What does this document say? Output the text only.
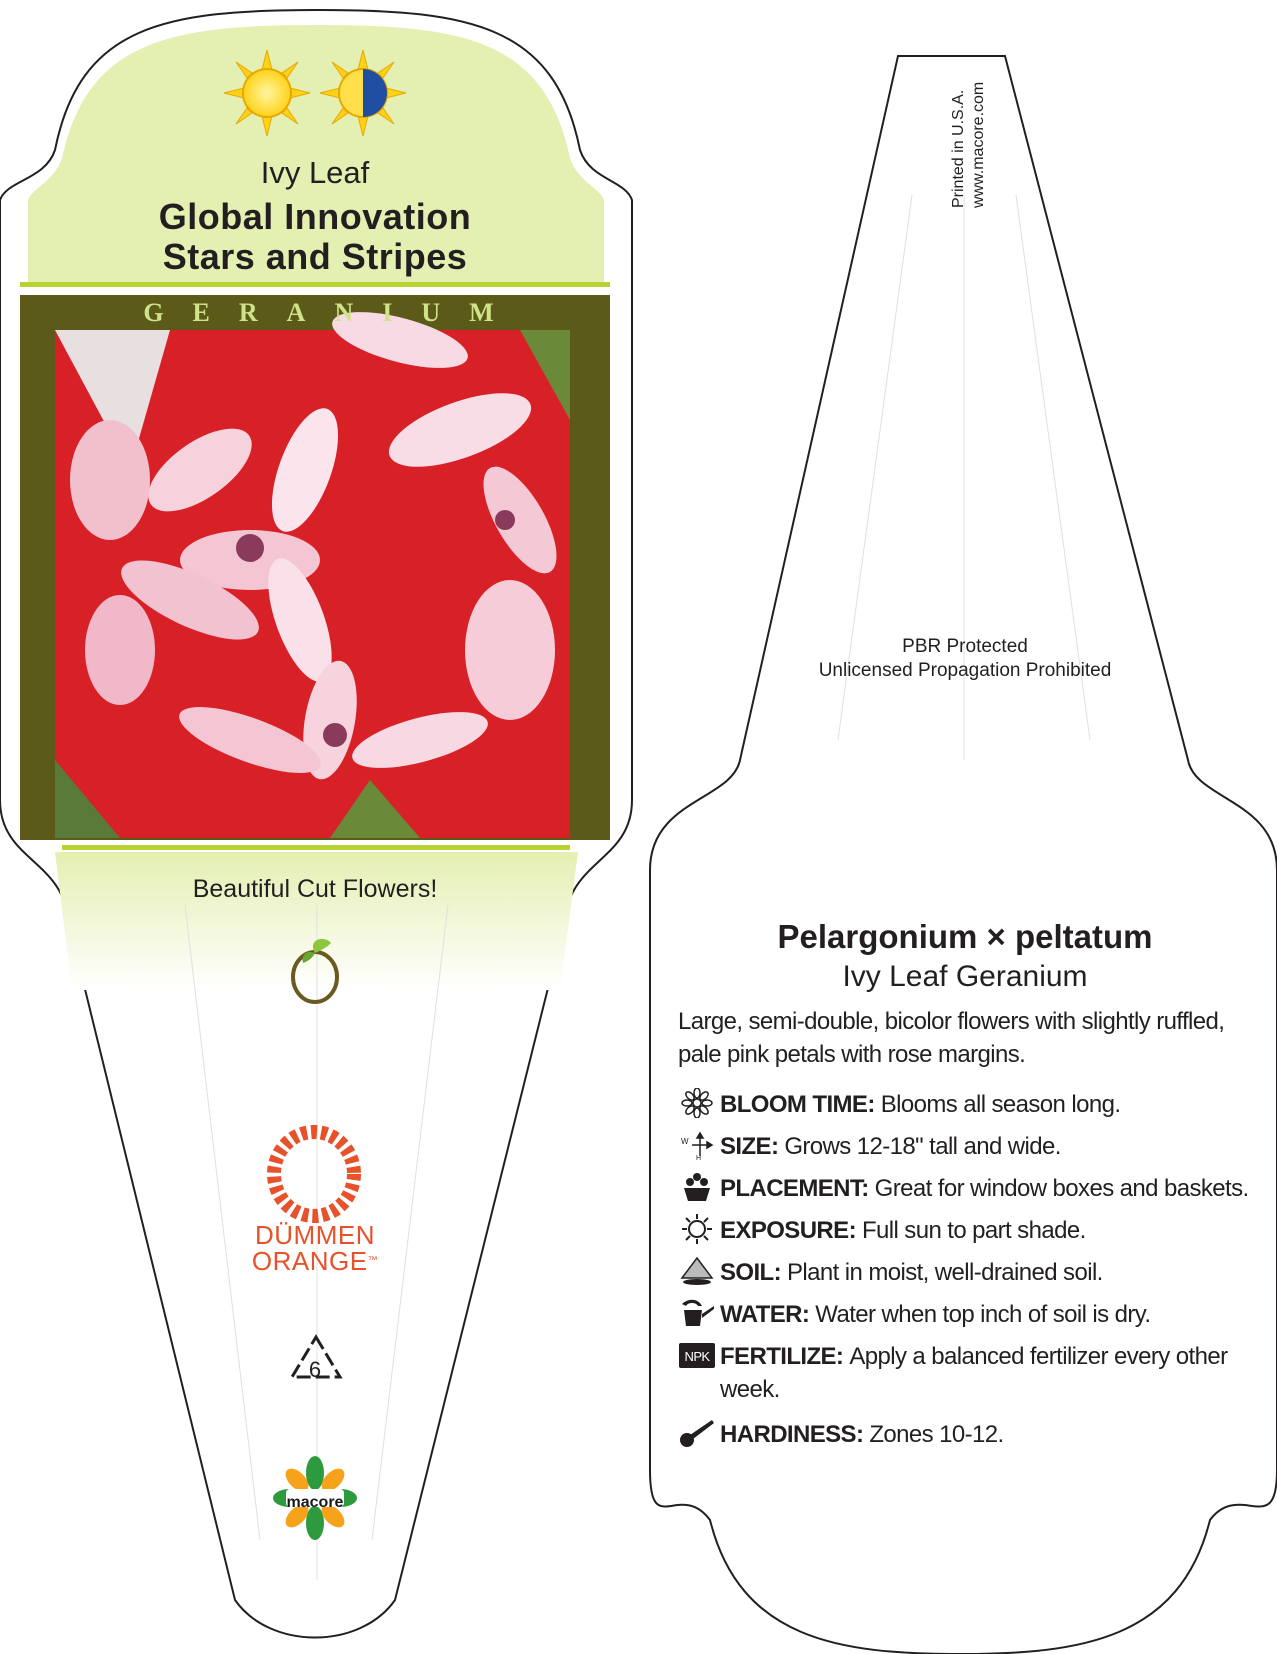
Ivy Leaf
Global Innovation
Stars and Stripes
GERANIUM
Beautiful Cut Flowers!
DÜMMEN
ORANGE™
6
macore
Printed in U.S.A. www.macore.com
PBR Protected
Unlicensed Propagation Prohibited
Pelargonium × peltatum
Ivy Leaf Geranium
Large, semi-double, bicolor flowers with slightly ruffled, pale pink petals with rose margins.
BLOOM TIME: Blooms all season long.
W
H SIZE: Grows 12-18" tall and wide.
PLACEMENT: Great for window boxes and baskets.
EXPOSURE: Full sun to part shade.
SOIL: Plant in moist, well-drained soil.
WATER: Water when top inch of soil is dry.
NPK FERTILIZE: Apply a balanced fertilizer every other week.
HARDINESS: Zones 10-12.
